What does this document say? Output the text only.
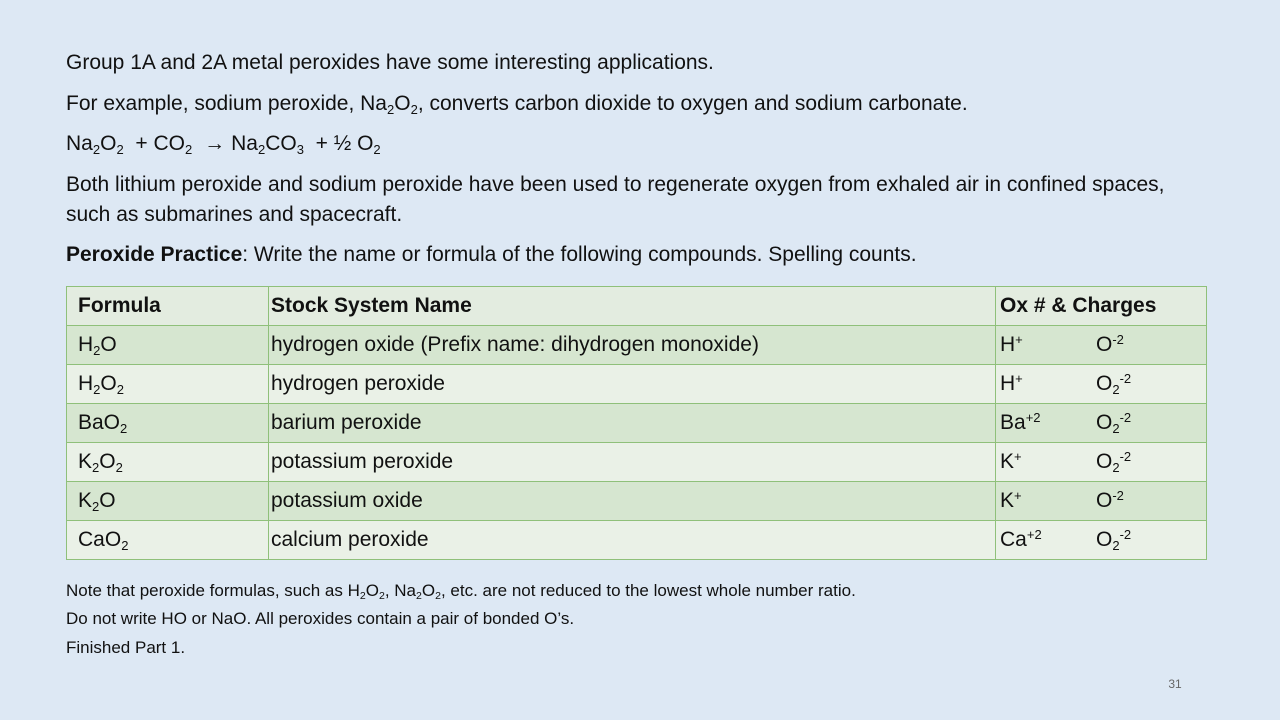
Group 1A and 2A metal peroxides have some interesting applications.

For example, sodium peroxide, $Na_2O_2$, converts carbon dioxide to oxygen and sodium carbonate.

$Na_2O_2 + CO_2 \to Na_2CO_3$ + ½ $O_2$

Both lithium peroxide and sodium peroxide have been used to regenerate oxygen from exhaled air in confined spaces, such as submarines and spacecraft.

Peroxide Practice: Write the name or formula of the following compounds. Spelling counts.

Formula	Stock System Name	Ox # & Charges
$H_2O$	hydrogen oxide (Prefix name: dihydrogen monoxide)	H+ $O^{-2}$
$H_2O_2$	hydrogen peroxide	H+ $O_2^{-2}$
BaO$_2$	barium peroxide	$Ba^{+2}$ $O_2^{-2}$
$K_2O_2$	potassium peroxide	K+ $O_2^{-2}$
$K_2O$	potassium oxide	K+ $O^{-2}$
CaO$_2$	calcium peroxide	$Ca^{+2}$ $O_2^{-2}$

Note that peroxide formulas, such as $H_2O_2$, $Na_2O_2$, etc. are not reduced to the lowest whole number ratio.

Do not write HO or NaO. All peroxides contain a pair of bonded O’s.

Finished Part 1.

31
